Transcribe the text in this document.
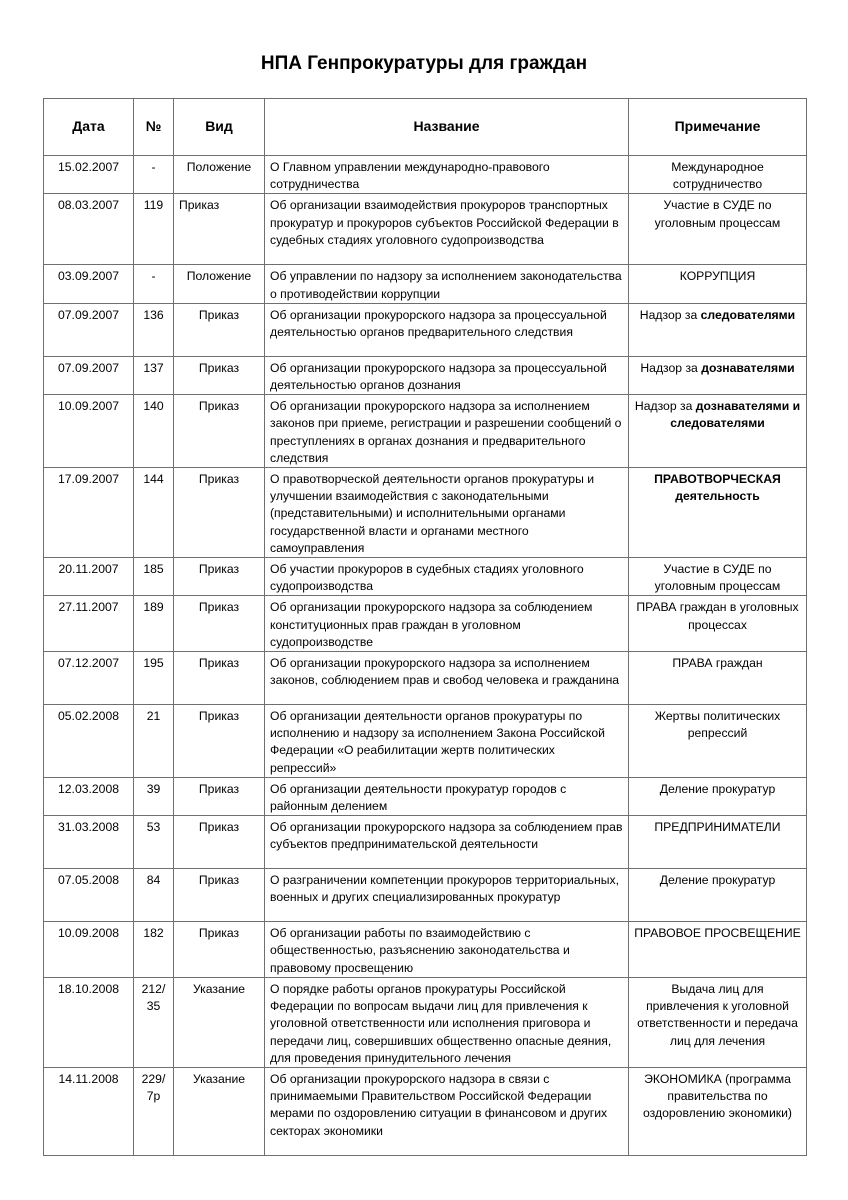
НПА Генпрокуратуры для граждан
Дата	№	Вид	Название	Примечание
15.02.2007	-	Положение	О Главном управлении международно-правового сотрудничества	Международное сотрудничество
08.03.2007	119	Приказ	Об организации взаимодействия прокуроров транспортных прокуратур и прокуроров субъектов Российской Федерации в судебных стадиях уголовного судопроизводства	Участие в СУДЕ по уголовным процессам
03.09.2007	-	Положение	Об управлении по надзору за исполнением законодательства о противодействии коррупции	КОРРУПЦИЯ
07.09.2007	136	Приказ	Об организации прокурорского надзора за процессуальной деятельностью органов предварительного следствия	Надзор за следователями
07.09.2007	137	Приказ	Об организации прокурорского надзора за процессуальной деятельностью органов дознания	Надзор за дознавателями
10.09.2007	140	Приказ	Об организации прокурорского надзора за исполнением законов при приеме, регистрации и разрешении сообщений о преступлениях в органах дознания и предварительного следствия	Надзор за дознавателями и следователями
17.09.2007	144	Приказ	О правотворческой деятельности органов прокуратуры и улучшении взаимодействия с законодательными (представительными) и исполнительными органами государственной власти и органами местного самоуправления	ПРАВОТВОРЧЕСКАЯ деятельность
20.11.2007	185	Приказ	Об участии прокуроров в судебных стадиях уголовного судопроизводства	Участие в СУДЕ по уголовным процессам
27.11.2007	189	Приказ	Об организации прокурорского надзора за соблюдением конституционных прав граждан в уголовном судопроизводстве	ПРАВА граждан в уголовных процессах
07.12.2007	195	Приказ	Об организации прокурорского надзора за исполнением законов, соблюдением прав и свобод человека и гражданина	ПРАВА граждан
05.02.2008	21	Приказ	Об организации деятельности органов прокуратуры по исполнению и надзору за исполнением Закона Российской Федерации «О реабилитации жертв политических репрессий»	Жертвы политических репрессий
12.03.2008	39	Приказ	Об организации деятельности прокуратур городов с районным делением	Деление прокуратур
31.03.2008	53	Приказ	Об организации прокурорского надзора за соблюдением прав субъектов предпринимательской деятельности	ПРЕДПРИНИМАТЕЛИ
07.05.2008	84	Приказ	О разграничении компетенции прокуроров территориальных, военных и других специализированных прокуратур	Деление прокуратур
10.09.2008	182	Приказ	Об организации работы по взаимодействию с общественностью, разъяснению законодательства и правовому просвещению	ПРАВОВОЕ ПРОСВЕЩЕНИЕ
18.10.2008	212/ 35	Указание	О порядке работы органов прокуратуры Российской Федерации по вопросам выдачи лиц для привлечения к уголовной ответственности или исполнения приговора и передачи лиц, совершивших общественно опасные деяния, для проведения принудительного лечения	Выдача лиц для привлечения к уголовной ответственности и передача лиц для лечения
14.11.2008	229/ 7р	Указание	Об организации прокурорского надзора в связи с принимаемыми Правительством Российской Федерации мерами по оздоровлению ситуации в финансовом и других секторах экономики	ЭКОНОМИКА (программа правительства по оздоровлению экономики)
